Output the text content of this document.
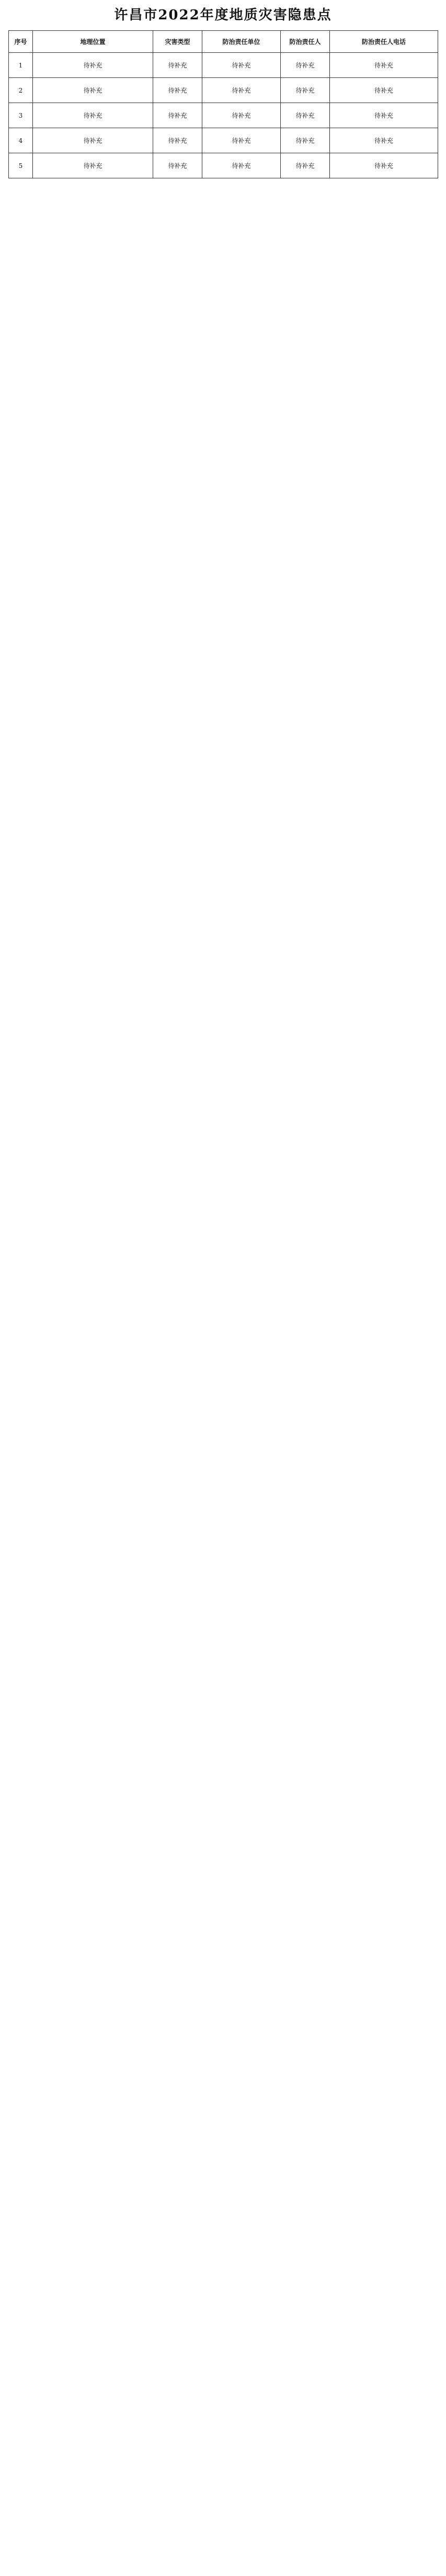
许昌市2022年度地质灾害隐患点
序号	地理位置	灾害类型	防治责任单位	防治责任人	防治责任人电话
1	待补充	待补充	待补充	待补充	待补充
2	待补充	待补充	待补充	待补充	待补充
3	待补充	待补充	待补充	待补充	待补充
4	待补充	待补充	待补充	待补充	待补充
5	待补充	待补充	待补充	待补充	待补充
